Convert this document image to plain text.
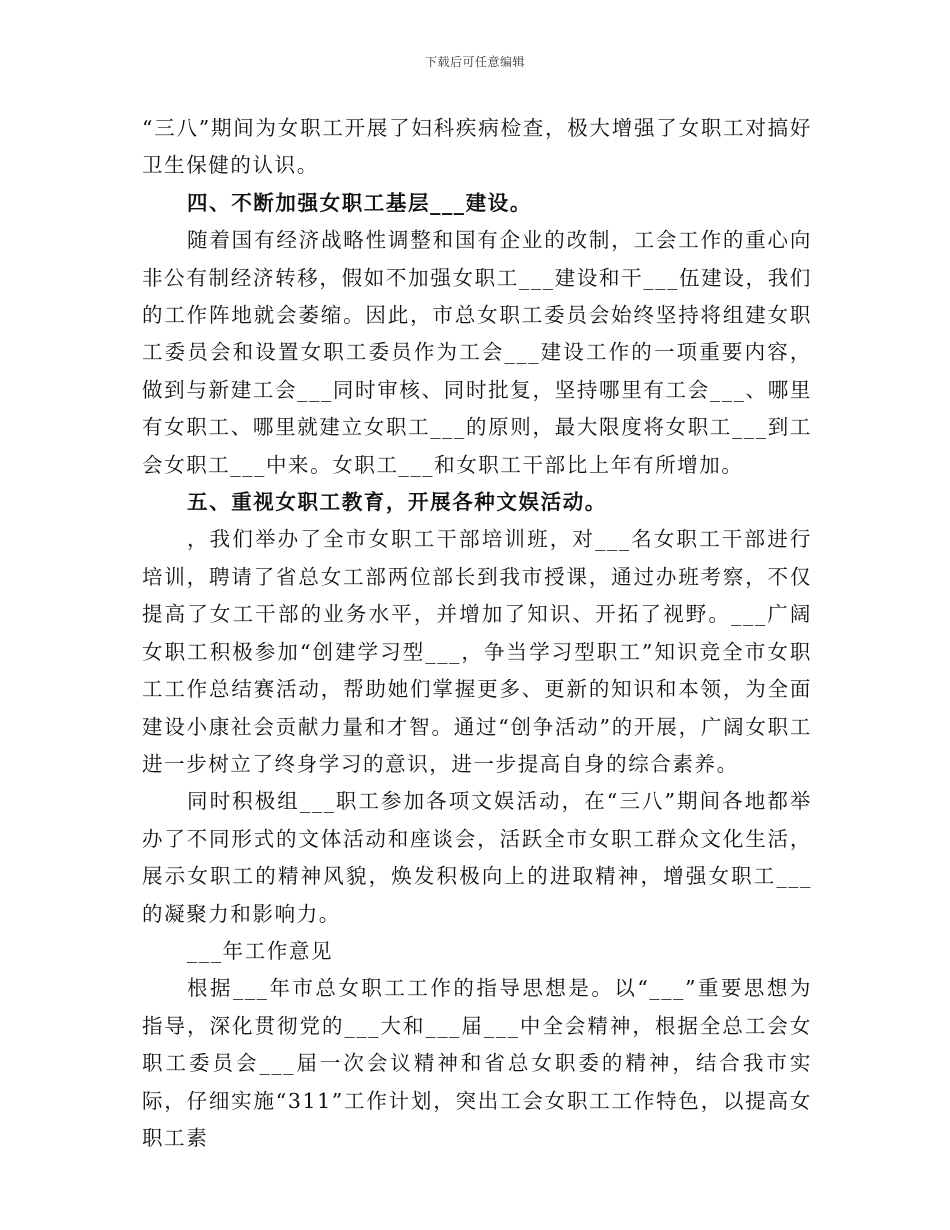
下载后可任意编辑

“三八”期间为女职工开展了妇科疾病检查，极大增强了女职工对搞好卫生保健的认识。

四、不断加强女职工基层___建设。

随着国有经济战略性调整和国有企业的改制，工会工作的重心向非公有制经济转移，假如不加强女职工___建设和干___伍建设，我们的工作阵地就会萎缩。因此，市总女职工委员会始终坚持将组建女职工委员会和设置女职工委员作为工会___建设工作的一项重要内容，做到与新建工会___同时审核、同时批复，坚持哪里有工会___、哪里有女职工、哪里就建立女职工___的原则，最大限度将女职工___到工会女职工___中来。女职工___和女职工干部比上年有所增加。

五、重视女职工教育，开展各种文娱活动。

，我们举办了全市女职工干部培训班，对___名女职工干部进行培训，聘请了省总女工部两位部长到我市授课，通过办班考察，不仅提高了女工干部的业务水平，并增加了知识、开拓了视野。___广阔女职工积极参加“创建学习型___，争当学习型职工”知识竞全市女职工工作总结赛活动，帮助她们掌握更多、更新的知识和本领，为全面建设小康社会贡献力量和才智。通过“创争活动”的开展，广阔女职工进一步树立了终身学习的意识，进一步提高自身的综合素养。

同时积极组___职工参加各项文娱活动，在“三八”期间各地都举办了不同形式的文体活动和座谈会，活跃全市女职工群众文化生活，展示女职工的精神风貌，焕发积极向上的进取精神，增强女职工___的凝聚力和影响力。

___年工作意见

根据___年市总女职工工作的指导思想是。以“___”重要思想为指导，深化贯彻党的___大和___届___中全会精神，根据全总工会女职工委员会___届一次会议精神和省总女职委的精神，结合我市实际，仔细实施“311”工作计划，突出工会女职工工作特色，以提高女职工素
